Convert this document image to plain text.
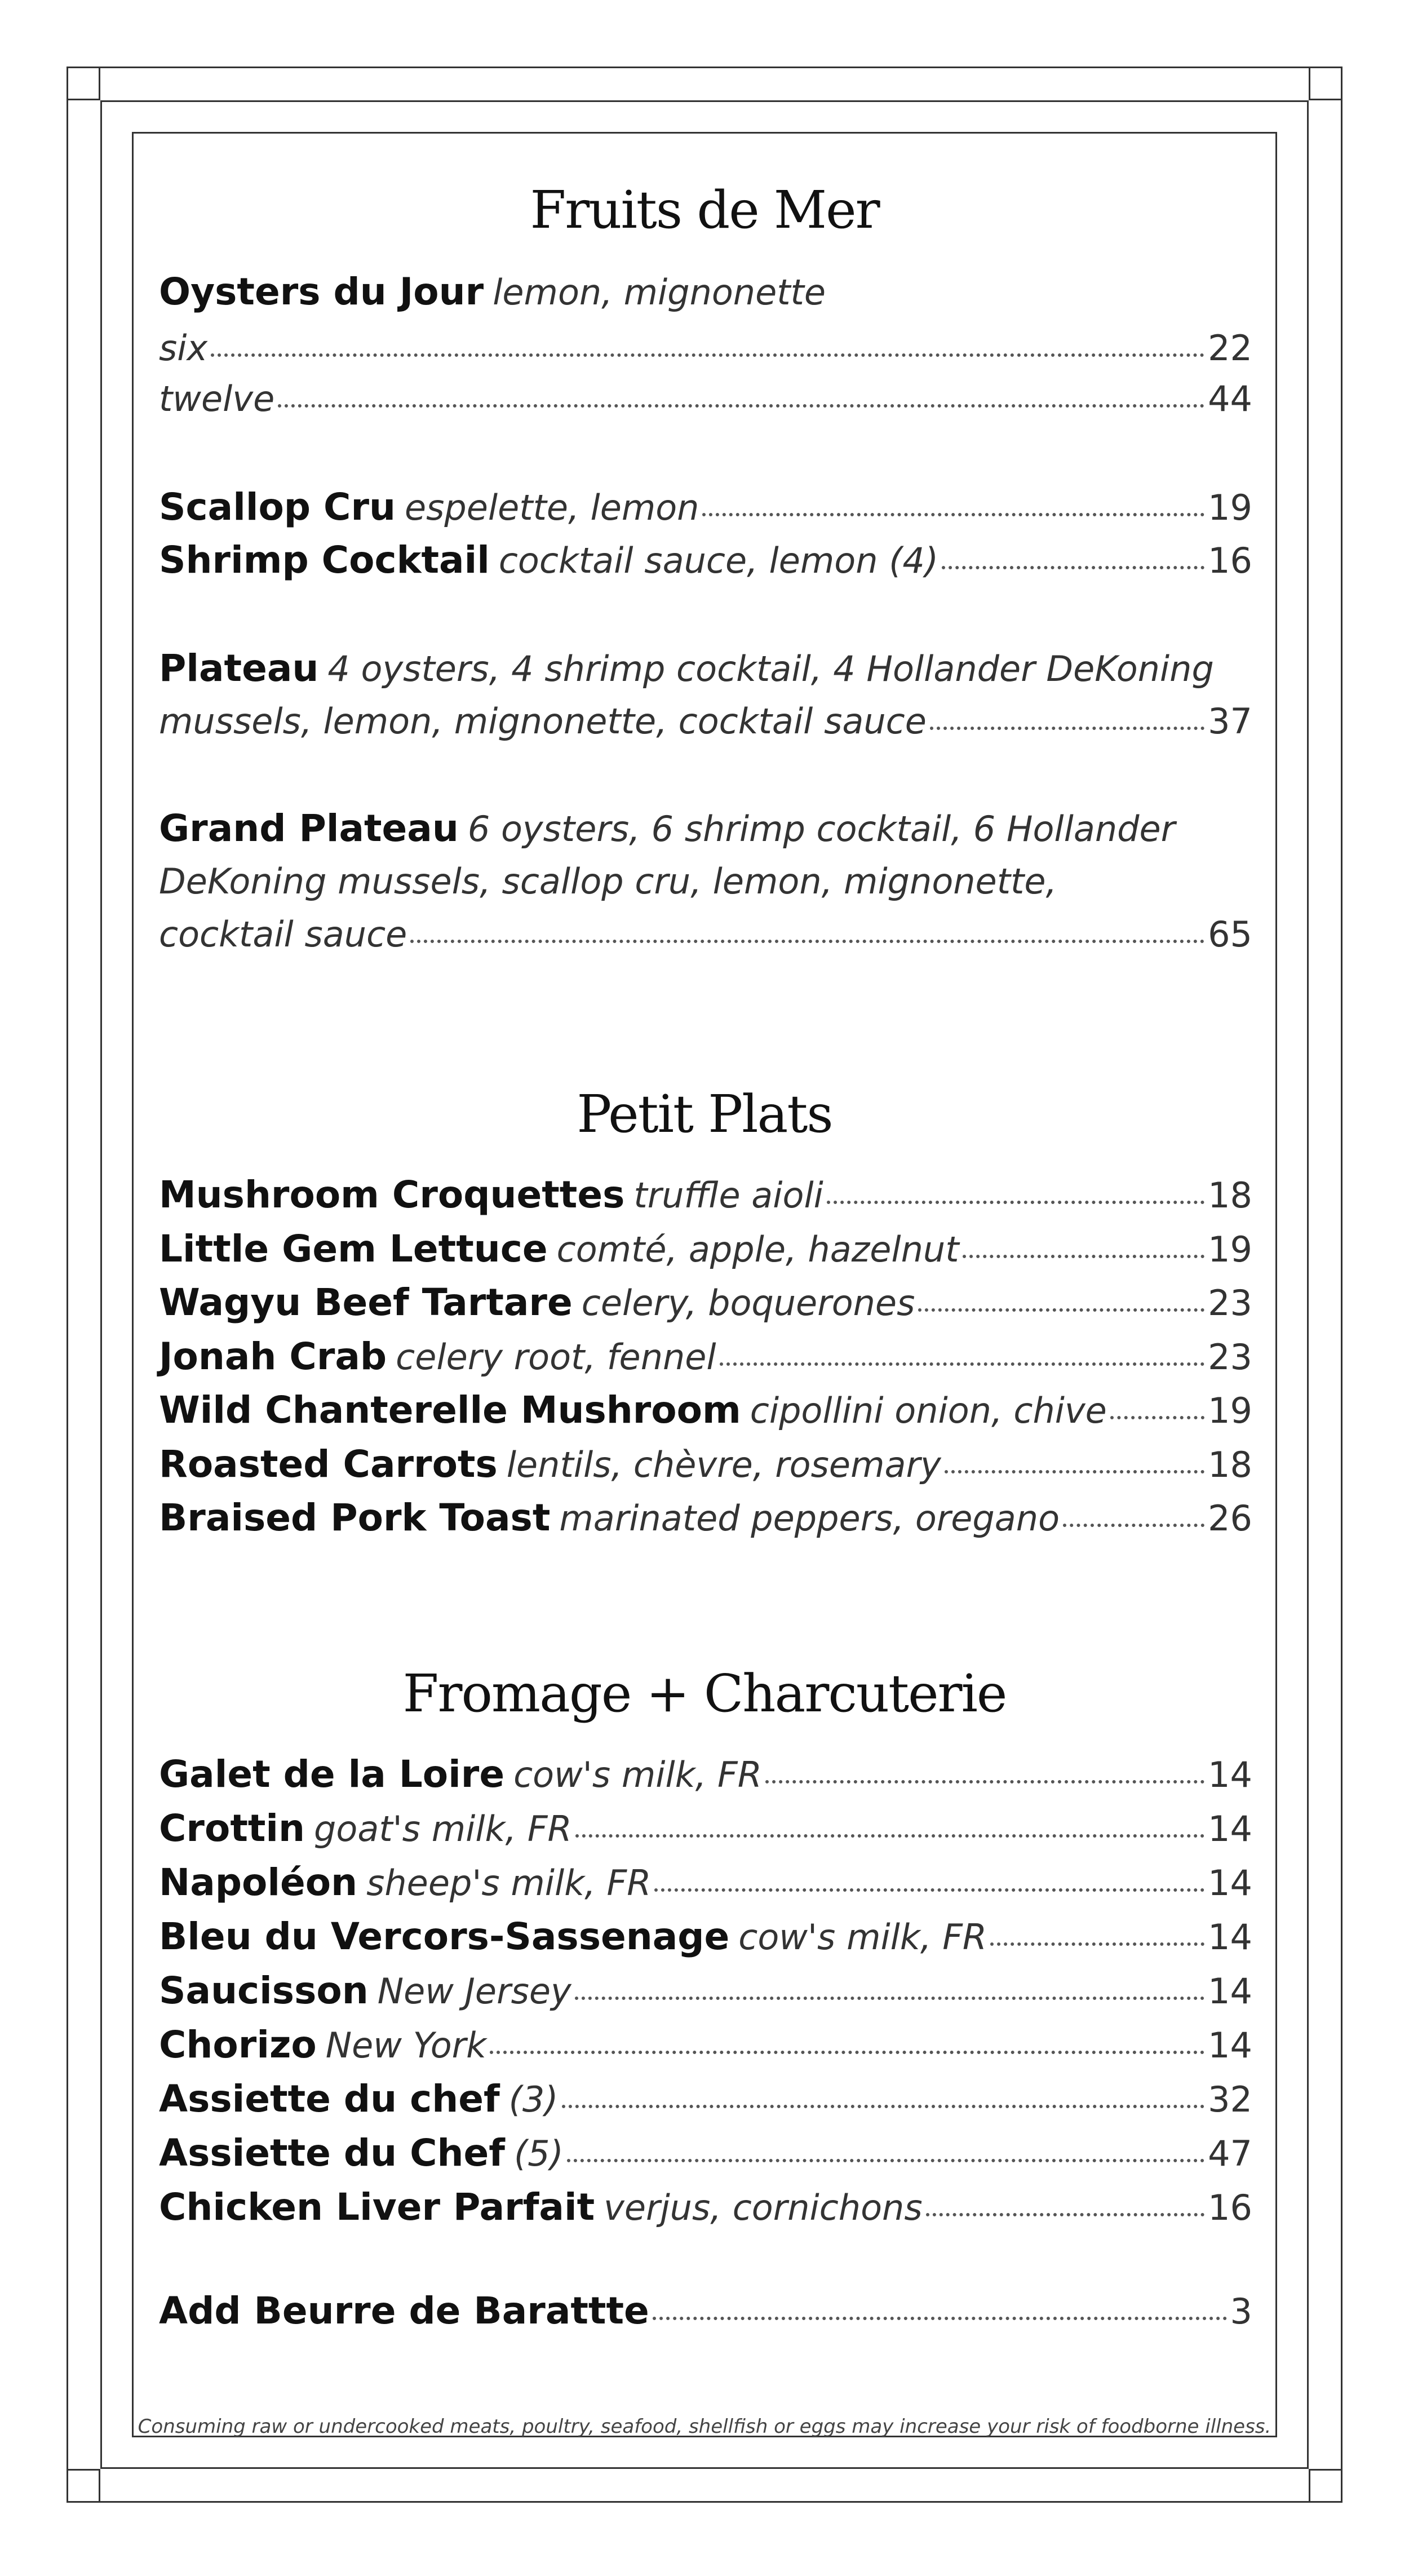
Fruits de Mer
Oysters du Jour lemon, mignonette
six	22
twelve	44
Scallop Cru espelette, lemon	19
Shrimp Cocktail cocktail sauce, lemon (4)	16
Plateau 4 oysters, 4 shrimp cocktail, 4 Hollander DeKoning
mussels, lemon, mignonette, cocktail sauce	37
Grand Plateau 6 oysters, 6 shrimp cocktail, 6 Hollander
DeKoning mussels, scallop cru, lemon, mignonette,
cocktail sauce	65
Petit Plats
Mushroom Croquettes truffle aioli	18
Little Gem Lettuce comté, apple, hazelnut	19
Wagyu Beef Tartare celery, boquerones	23
Jonah Crab celery root, fennel	23
Wild Chanterelle Mushroom cipollini onion, chive	19
Roasted Carrots lentils, chèvre, rosemary	18
Braised Pork Toast marinated peppers, oregano	26
Fromage + Charcuterie
Galet de la Loire cow's milk, FR	14
Crottin goat's milk, FR	14
Napoléon sheep's milk, FR	14
Bleu du Vercors-Sassenage cow's milk, FR	14
Saucisson New Jersey	14
Chorizo New York	14
Assiette du chef (3)	32
Assiette du Chef (5)	47
Chicken Liver Parfait verjus, cornichons	16
Add Beurre de Barattte	3
Consuming raw or undercooked meats, poultry, seafood, shellfish or eggs may increase your risk of foodborne illness.
